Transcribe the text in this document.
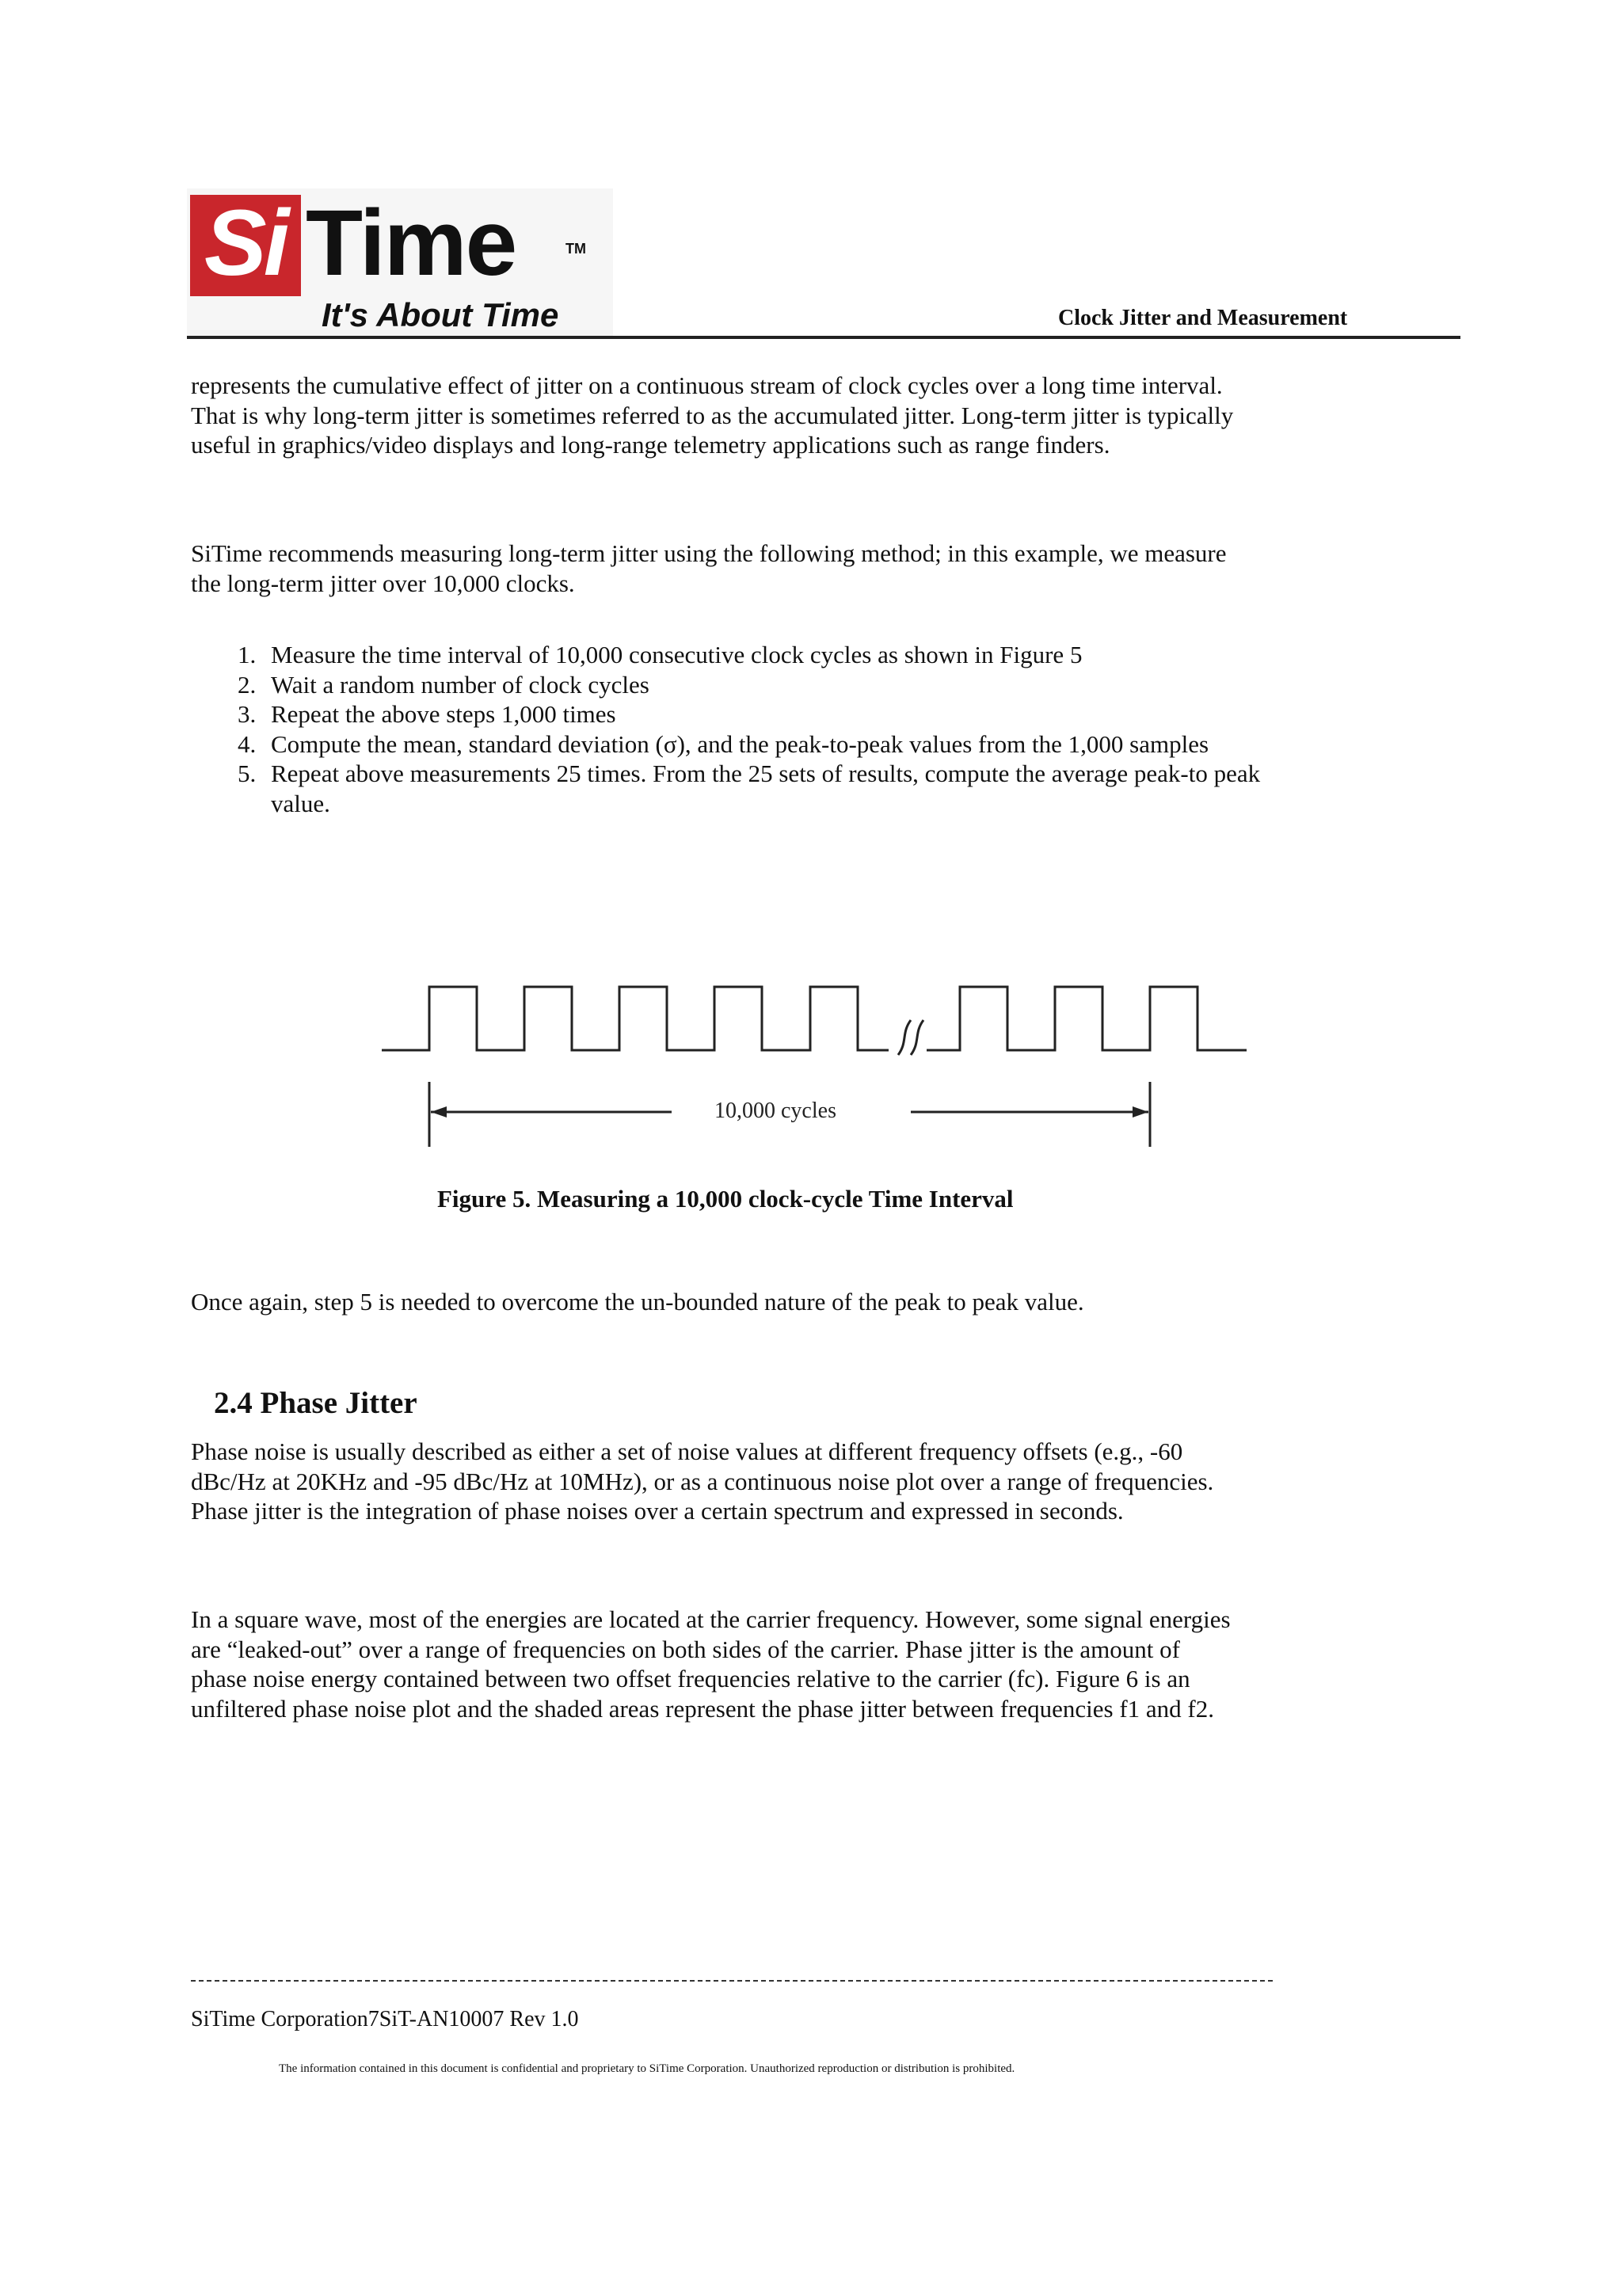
Si Time	TM
It's About Time	Clock Jitter and Measurement

represents the cumulative effect of jitter on a continuous stream of clock cycles over a long time interval. That is why long-term jitter is sometimes referred to as the accumulated jitter. Long-term jitter is typically useful in graphics/video displays and long-range telemetry applications such as range finders.

SiTime recommends measuring long-term jitter using the following method; in this example, we measure the long-term jitter over 10,000 clocks.

1. Measure the time interval of 10,000 consecutive clock cycles as shown in Figure 5
2. Wait a random number of clock cycles
3. Repeat the above steps 1,000 times
4. Compute the mean, standard deviation (σ), and the peak-to-peak values from the 1,000 samples
5. Repeat above measurements 25 times. From the 25 sets of results, compute the average peak-to peak value.
10,000 cycles
Figure 5. Measuring a 10,000 clock-cycle Time Interval

Once again, step 5 is needed to overcome the un-bounded nature of the peak to peak value.

2.4 Phase Jitter

Phase noise is usually described as either a set of noise values at different frequency offsets (e.g., -60 dBc/Hz at 20KHz and -95 dBc/Hz at 10MHz), or as a continuous noise plot over a range of frequencies. Phase jitter is the integration of phase noises over a certain spectrum and expressed in seconds.

In a square wave, most of the energies are located at the carrier frequency. However, some signal energies are “leaked-out” over a range of frequencies on both sides of the carrier. Phase jitter is the amount of phase noise energy contained between two offset frequencies relative to the carrier (fc). Figure 6 is an unfiltered phase noise plot and the shaded areas represent the phase jitter between frequencies f1 and f2.

SiTime Corporation7SiT-AN10007 Rev 1.0
The information contained in this document is confidential and proprietary to SiTime Corporation. Unauthorized reproduction or distribution is prohibited.
